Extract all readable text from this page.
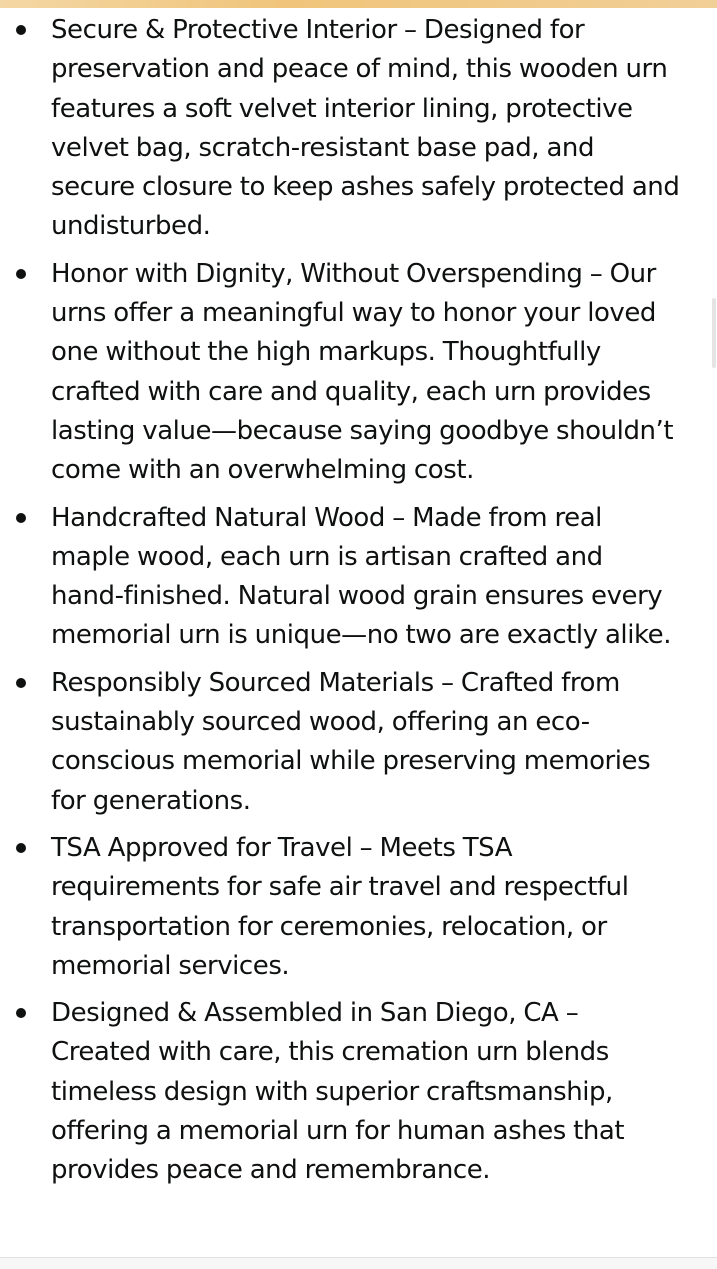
Secure & Protective Interior – Designed for preservation and peace of mind, this wooden urn features a soft velvet interior lining, protective velvet bag, scratch-resistant base pad, and secure closure to keep ashes safely protected and undisturbed.
Honor with Dignity, Without Overspending – Our urns offer a meaningful way to honor your loved one without the high markups. Thoughtfully crafted with care and quality, each urn provides lasting value—because saying goodbye shouldn’t come with an overwhelming cost.
Handcrafted Natural Wood – Made from real maple wood, each urn is artisan crafted and hand-finished. Natural wood grain ensures every memorial urn is unique—no two are exactly alike.
Responsibly Sourced Materials – Crafted from sustainably sourced wood, offering an eco-conscious memorial while preserving memories for generations.
TSA Approved for Travel – Meets TSA requirements for safe air travel and respectful transportation for ceremonies, relocation, or memorial services.
Designed & Assembled in San Diego, CA – Created with care, this cremation urn blends timeless design with superior craftsmanship, offering a memorial urn for human ashes that provides peace and remembrance.
